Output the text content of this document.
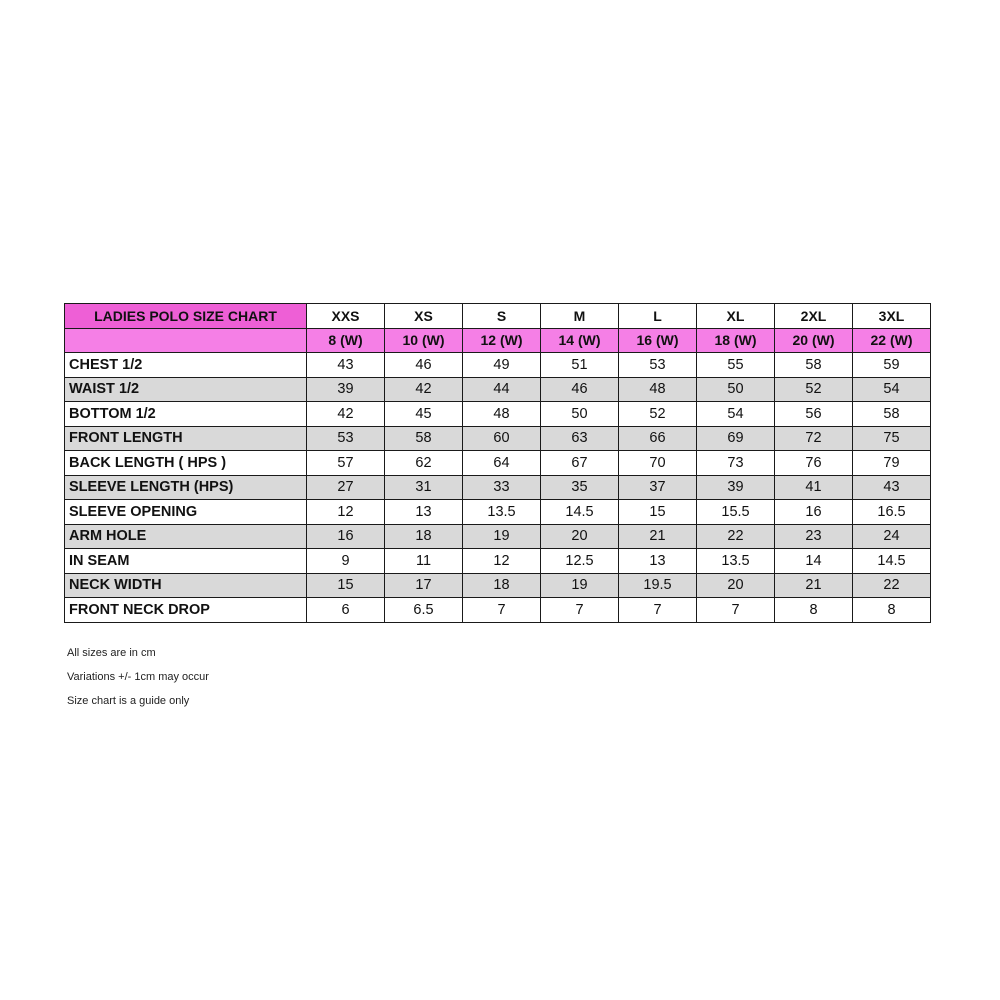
LADIES POLO SIZE CHART	XXS	XS	S	M	L	XL	2XL	3XL
	8 (W)	10 (W)	12 (W)	14 (W)	16 (W)	18 (W)	20 (W)	22 (W)
CHEST 1/2	43	46	49	51	53	55	58	59
WAIST 1/2	39	42	44	46	48	50	52	54
BOTTOM 1/2	42	45	48	50	52	54	56	58
FRONT LENGTH	53	58	60	63	66	69	72	75
BACK LENGTH ( HPS )	57	62	64	67	70	73	76	79
SLEEVE LENGTH (HPS)	27	31	33	35	37	39	41	43
SLEEVE OPENING	12	13	13.5	14.5	15	15.5	16	16.5
ARM HOLE	16	18	19	20	21	22	23	24
IN SEAM	9	11	12	12.5	13	13.5	14	14.5
NECK WIDTH	15	17	18	19	19.5	20	21	22
FRONT NECK DROP	6	6.5	7	7	7	7	8	8
All sizes are in cm
Variations +/- 1cm may occur
Size chart is a guide only
